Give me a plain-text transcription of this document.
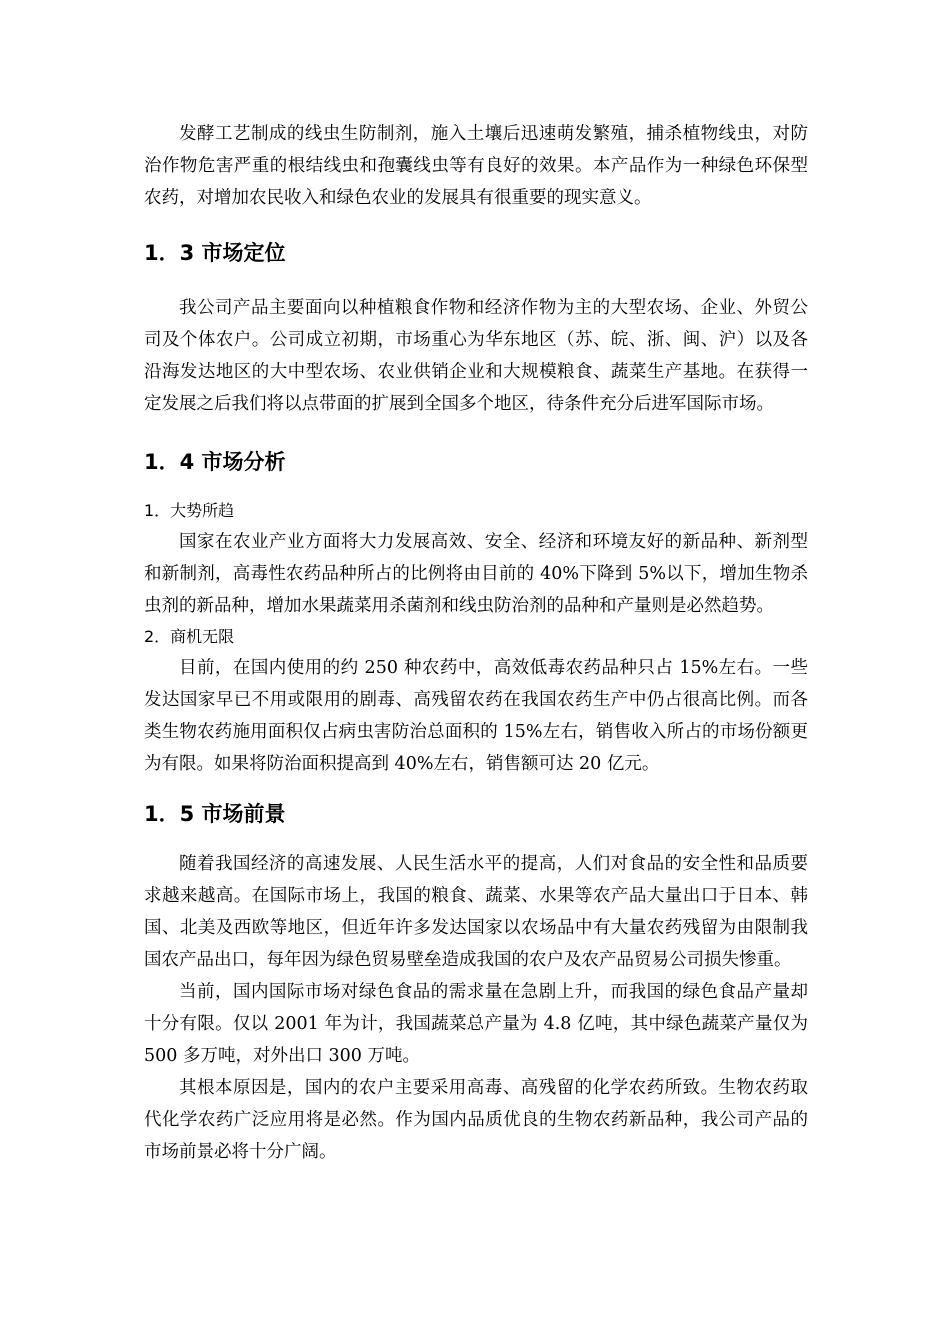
发酵工艺制成的线虫生防制剂，施入土壤后迅速萌发繁殖，捕杀植物线虫，对防治作物危害严重的根结线虫和孢囊线虫等有良好的效果。本产品作为一种绿色环保型农药，对增加农民收入和绿色农业的发展具有很重要的现实意义。

1．3 市场定位

我公司产品主要面向以种植粮食作物和经济作物为主的大型农场、企业、外贸公司及个体农户。公司成立初期，市场重心为华东地区（苏、皖、浙、闽、沪）以及各沿海发达地区的大中型农场、农业供销企业和大规模粮食、蔬菜生产基地。在获得一定发展之后我们将以点带面的扩展到全国多个地区，待条件充分后进军国际市场。

1．4 市场分析

1．大势所趋

国家在农业产业方面将大力发展高效、安全、经济和环境友好的新品种、新剂型和新制剂，高毒性农药品种所占的比例将由目前的 40%下降到 5%以下，增加生物杀虫剂的新品种，增加水果蔬菜用杀菌剂和线虫防治剂的品种和产量则是必然趋势。

2．商机无限

目前，在国内使用的约 250 种农药中，高效低毒农药品种只占 15%左右。一些发达国家早已不用或限用的剧毒、高残留农药在我国农药生产中仍占很高比例。而各类生物农药施用面积仅占病虫害防治总面积的 15%左右，销售收入所占的市场份额更为有限。如果将防治面积提高到 40%左右，销售额可达 20 亿元。

1．5 市场前景

随着我国经济的高速发展、人民生活水平的提高，人们对食品的安全性和品质要求越来越高。在国际市场上，我国的粮食、蔬菜、水果等农产品大量出口于日本、韩国、北美及西欧等地区，但近年许多发达国家以农场品中有大量农药残留为由限制我国农产品出口，每年因为绿色贸易壁垒造成我国的农户及农产品贸易公司损失惨重。

当前，国内国际市场对绿色食品的需求量在急剧上升，而我国的绿色食品产量却十分有限。仅以 2001 年为计，我国蔬菜总产量为 4.8 亿吨，其中绿色蔬菜产量仅为 500 多万吨，对外出口 300 万吨。

其根本原因是，国内的农户主要采用高毒、高残留的化学农药所致。生物农药取代化学农药广泛应用将是必然。作为国内品质优良的生物农药新品种，我公司产品的市场前景必将十分广阔。
